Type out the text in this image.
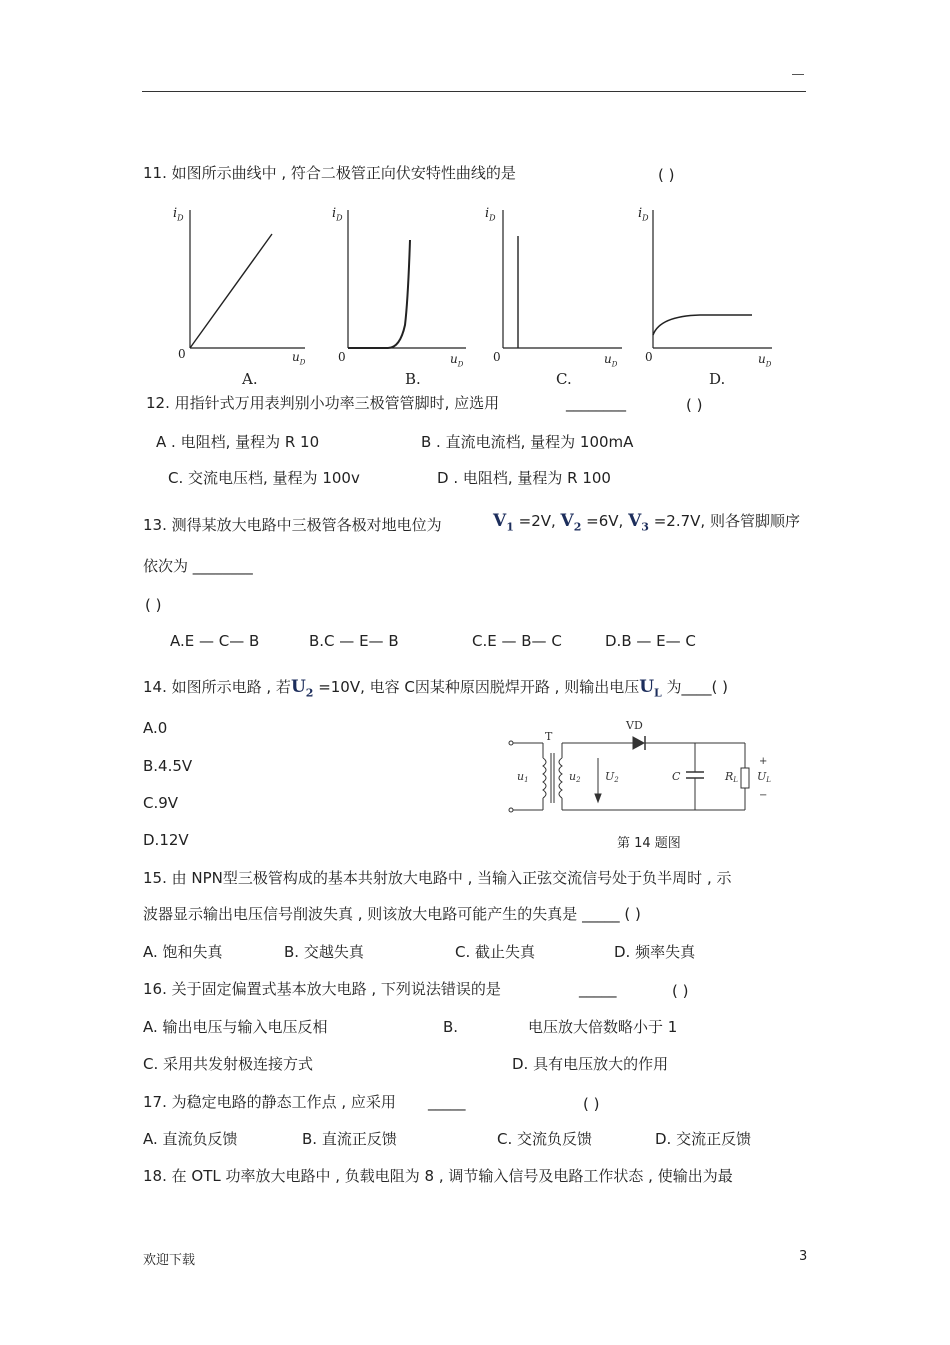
11. 如图所示曲线中 , 符合二极管正向伏安特性曲线的是	( )
$i_D$
0	$u_D$
A.
$i_D$
0	$u_D$
B.
$i_D$
0	$u_D$
C.
$i_D$
0	$u_D$
D.
12. 用指针式万用表判别小功率三极管管脚时, 应选用	________	( )
A . 电阻档, 量程为 R 10	B . 直流电流档, 量程为 100mA
C. 交流电压档, 量程为 100v	D . 电阻档, 量程为 R 100
13. 测得某放大电路中三极管各极对地电位为	$V_1 =2V$, $V_2 =6V$, $V_3 =2.7V$, 则各管脚顺序
依次为 ________
( )
A.E — C— B	B.C — E— B	C.E — B— C	D.B — E— C
14. 如图所示电路 , 若$U_2 =10V$, 电容 C因某种原因脱焊开路 , 则输出电压$U_L$ 为____( )
A.0
B.4.5V
C.9V
D.12V
T
VD
u1	u2 U2	C	RL UL
+
−
第 14 题图
15. 由 NPN型三极管构成的基本共射放大电路中 , 当输入正弦交流信号处于负半周时 , 示
波器显示输出电压信号削波失真 , 则该放大电路可能产生的失真是 _____ ( )
A. 饱和失真	B. 交越失真	C. 截止失真	D. 频率失真
16. 关于固定偏置式基本放大电路 , 下列说法错误的是	_____	( )
A. 输出电压与输入电压反相	B.	电压放大倍数略小于 1
C. 采用共发射极连接方式	D. 具有电压放大的作用
17. 为稳定电路的静态工作点 , 应采用 _____	( )
A. 直流负反馈	B. 直流正反馈	C. 交流负反馈	D. 交流正反馈
18. 在 OTL 功率放大电路中 , 负载电阻为 8 , 调节输入信号及电路工作状态 , 使输出为最
欢迎下载	3
